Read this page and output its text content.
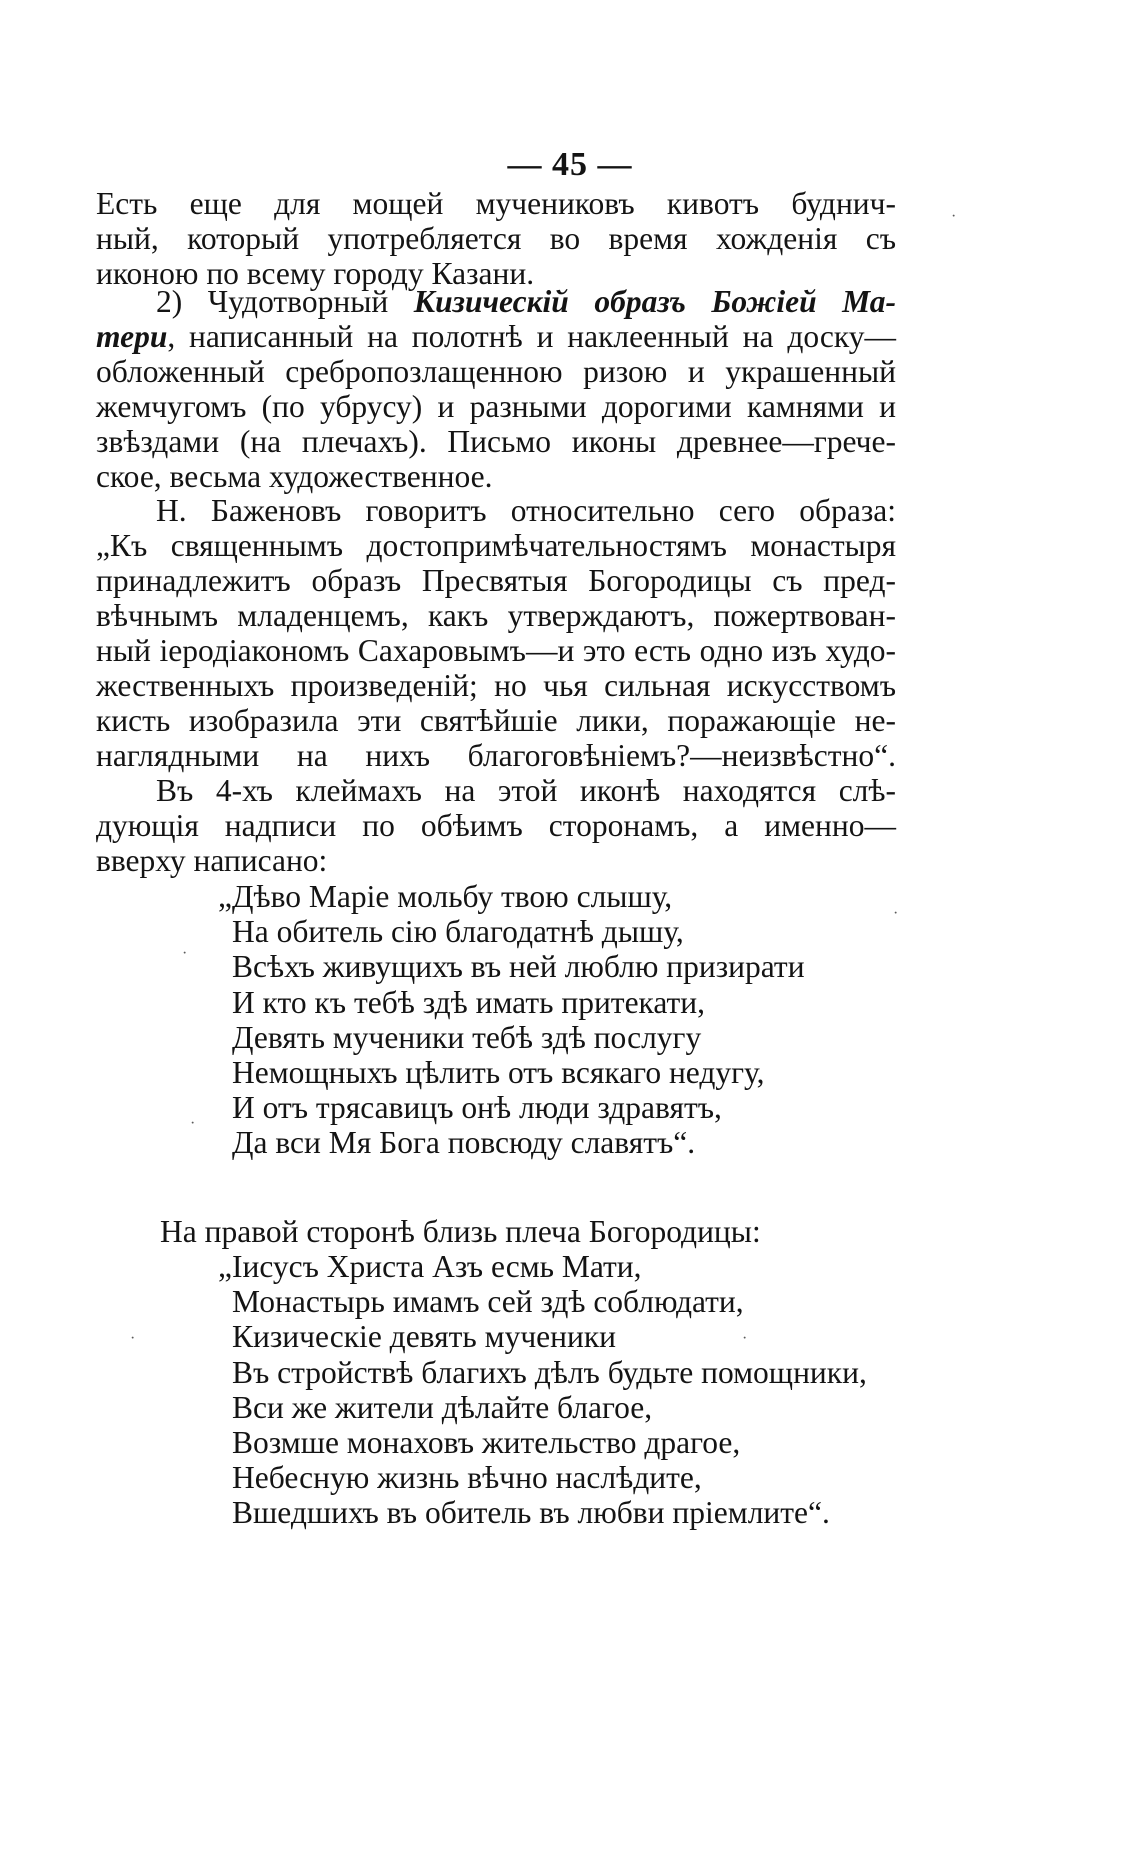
— 45 —
Есть еще для мощей мучениковъ кивотъ буднич-
ный, который употребляется во время хожденія съ
иконою по всему городу Казани.
2) Чудотворный Кизическій образъ Божіей Ма-
тери, написанный на полотнѣ и наклеенный на доску—
обложенный сребропозлащенною ризою и украшенный
жемчугомъ (по убрусу) и разными дорогими камнями и
звѣздами (на плечахъ). Письмо иконы древнее—грече-
ское, весьма художественное.
Н. Баженовъ говоритъ относительно сего образа:
„Къ священнымъ достопримѣчательностямъ монастыря
принадлежитъ образъ Пресвятыя Богородицы съ пред-
вѣчнымъ младенцемъ, какъ утверждаютъ, пожертвован-
ный іеродіакономъ Сахаровымъ—и это есть одно изъ худо-
жественныхъ произведеній; но чья сильная искусствомъ
кисть изобразила эти святѣйшіе лики, поражающіе не-
наглядными на нихъ благоговѣніемъ?—неизвѣстно“.
Въ 4-хъ клеймахъ на этой иконѣ находятся слѣ-
дующія надписи по обѣимъ сторонамъ, а именно—
вверху написано:
„Дѣво Маріе мольбу твою слышу,
На обитель сію благодатнѣ дышу,
Всѣхъ живущихъ въ ней люблю призирати
И кто къ тебѣ здѣ имать притекати,
Девять мученики тебѣ здѣ послугу
Немощныхъ цѣлить отъ всякаго недугу,
И отъ трясавицъ онѣ люди здравятъ,
Да вси Мя Бога повсюду славятъ“.
На правой сторонѣ близь плеча Богородицы:
„Іисусъ Христа Азъ есмь Мати,
Монастырь имамъ сей здѣ соблюдати,
Кизическіе девять мученики
Въ стройствѣ благихъ дѣлъ будьте помощники,
Вси же жители дѣлайте благое,
Возмше монаховъ жительство драгое,
Небесную жизнь вѣчно наслѣдите,
Вшедшихъ въ обитель въ любви пріемлите“.
·
·
·
·
·	·
